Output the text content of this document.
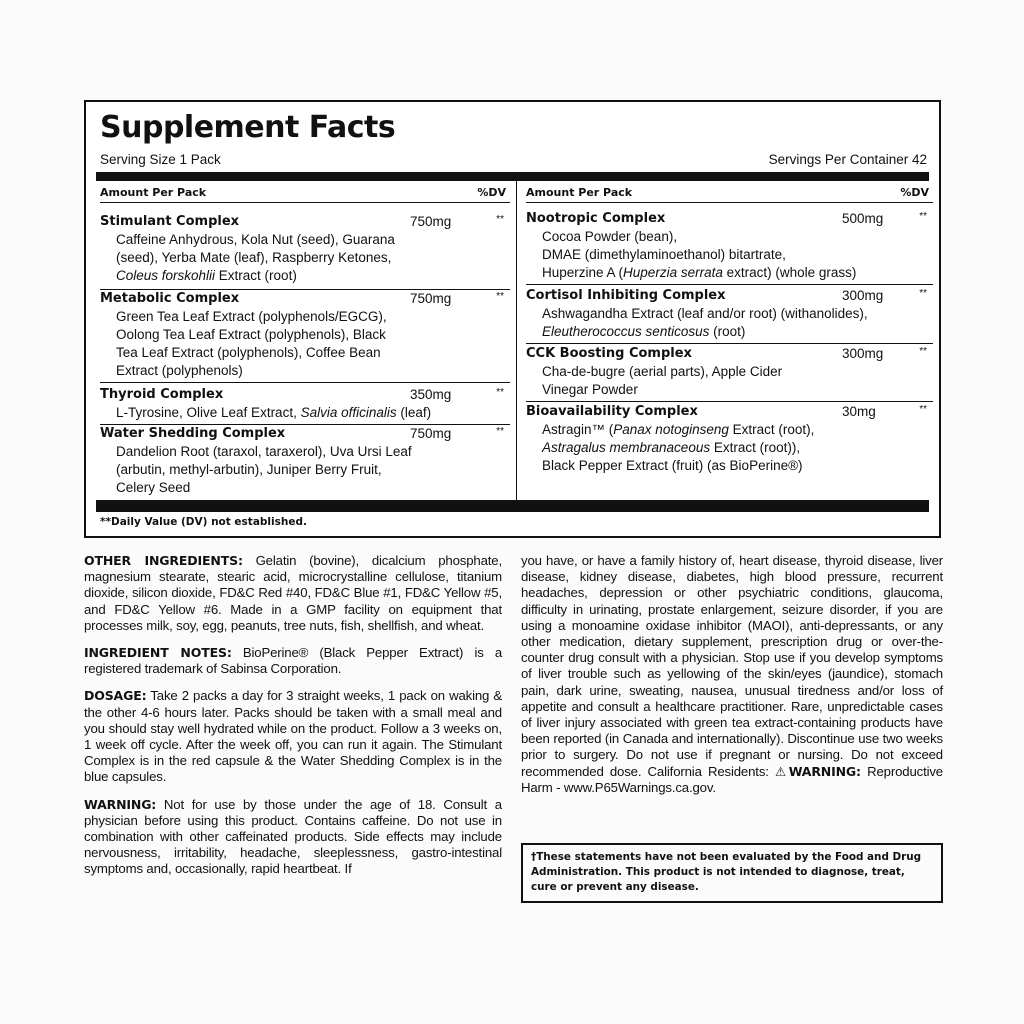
Supplement Facts
Serving Size 1 Pack	Servings Per Container 42
Amount Per Pack	%DV Amount Per Pack	%DV
Stimulant Complex	750mg	**
Caffeine Anhydrous, Kola Nut (seed), Guarana
(seed), Yerba Mate (leaf), Raspberry Ketones,
Coleus forskohlii Extract (root)
Metabolic Complex	750mg	**
Green Tea Leaf Extract (polyphenols/EGCG),
Oolong Tea Leaf Extract (polyphenols), Black
Tea Leaf Extract (polyphenols), Coffee Bean
Extract (polyphenols)
Thyroid Complex	350mg	**
L-Tyrosine, Olive Leaf Extract, Salvia officinalis (leaf)
Water Shedding Complex	750mg	**
Dandelion Root (taraxol, taraxerol), Uva Ursi Leaf
(arbutin, methyl-arbutin), Juniper Berry Fruit,
Celery Seed
Nootropic Complex	500mg	**
Cocoa Powder (bean),
DMAE (dimethylaminoethanol) bitartrate,
Huperzine A (Huperzia serrata extract) (whole grass)
Cortisol Inhibiting Complex	300mg	**
Ashwagandha Extract (leaf and/or root) (withanolides),
Eleutherococcus senticosus (root)
CCK Boosting Complex	300mg	**
Cha-de-bugre (aerial parts), Apple Cider
Vinegar Powder
Bioavailability Complex	30mg	**
Astragin™ (Panax notoginseng Extract (root),
Astragalus membranaceous Extract (root)),
Black Pepper Extract (fruit) (as BioPerine®)
**Daily Value (DV) not established.

OTHER INGREDIENTS: Gelatin (bovine), dicalcium phosphate, magnesium stearate, stearic acid, microcrystalline cellulose, titanium dioxide, silicon dioxide, FD&C Red #40, FD&C Blue #1, FD&C Yellow #5, and FD&C Yellow #6. Made in a GMP facility on equipment that processes milk, soy, egg, peanuts, tree nuts, fish, shellfish, and wheat.

INGREDIENT NOTES: BioPerine® (Black Pepper Extract) is a registered trademark of Sabinsa Corporation.

DOSAGE: Take 2 packs a day for 3 straight weeks, 1 pack on waking & the other 4-6 hours later. Packs should be taken with a small meal and you should stay well hydrated while on the product. Follow a 3 weeks on, 1 week off cycle. After the week off, you can run it again. The Stimulant Complex is in the red capsule & the Water Shedding Complex is in the blue capsules.

WARNING: Not for use by those under the age of 18. Consult a physician before using this product. Contains caffeine. Do not use in combination with other caffeinated products. Side effects may include nervousness, irritability, headache, sleeplessness, gastro-intestinal symptoms and, occasionally, rapid heartbeat. If

you have, or have a family history of, heart disease, thyroid disease, liver disease, kidney disease, diabetes, high blood pressure, recurrent headaches, depression or other psychiatric conditions, glaucoma, difficulty in urinating, prostate enlargement, seizure disorder, if you are using a monoamine oxidase inhibitor (MAOI), anti-depressants, or any other medication, dietary supplement, prescription drug or over-the-counter drug consult with a physician. Stop use if you develop symptoms of liver trouble such as yellowing of the skin/eyes (jaundice), stomach pain, dark urine, sweating, nausea, unusual tiredness and/or loss of appetite and consult a healthcare practitioner. Rare, unpredictable cases of liver injury associated with green tea extract-containing products have been reported (in Canada and internationally). Discontinue use two weeks prior to surgery. Do not use if pregnant or nursing. Do not exceed recommended dose. California Residents: ⚠WARNING: Reproductive Harm - www.P65Warnings.ca.gov.

†These statements have not been evaluated by the Food and Drug Administration. This product is not intended to diagnose, treat, cure or prevent any disease.
